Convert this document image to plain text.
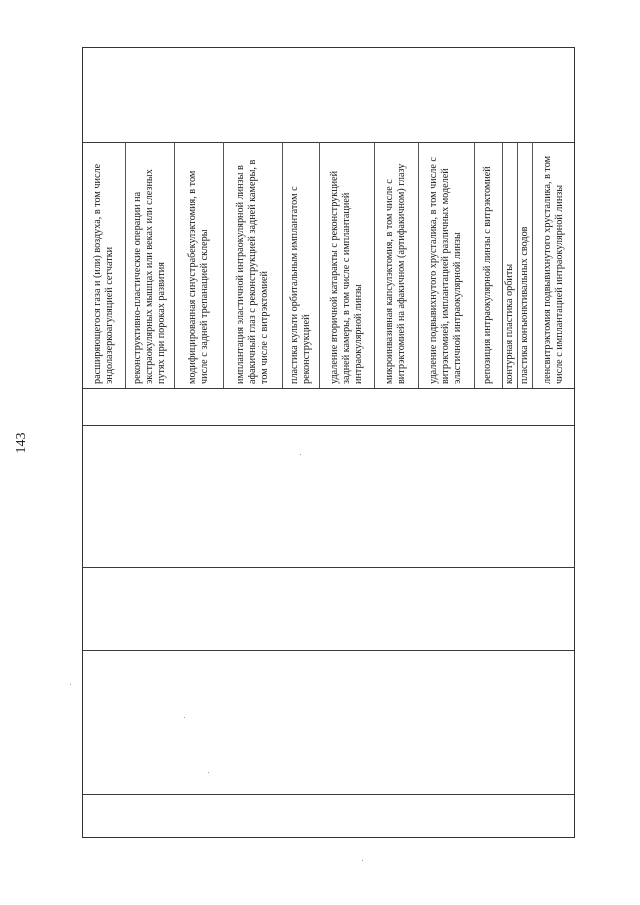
143
расширяющегося газа и (или) воздуха, в том числе эндолазеркоагуляцией сетчатки реконструктивно-пластические операции на экстраокулярных мышцах или веках или слезных путях при пороках развития модифицированная синустрабекулэктомия, в том числе с задней трепанацией склеры имплантация эластичной интраокулярной линзы в афакичный глаз с реконструкцией задней камеры, в том числе с витрэктомией пластика культи орбитальным имплантатом с реконструкцией удаление вторичной катаракты с реконструкцией задней камеры, в том числе с имплантацией интраокулярной линзы микроинвазивная капсулэктомия, в том числе с витрэктомией на афакичном (артифакичном) глазу удаление подвывихнутого хрусталика, в том числе с витрэктомией, имплантацией различных моделей эластичной интраокулярной линзы репозиция интраокулярной линзы с витрэктомией контурная пластика орбиты пластика конъюнктивальных сводов ленсвитрэктомия подвывихнутого хрусталика, в том числе с имплантацией интраокулярной линзы
